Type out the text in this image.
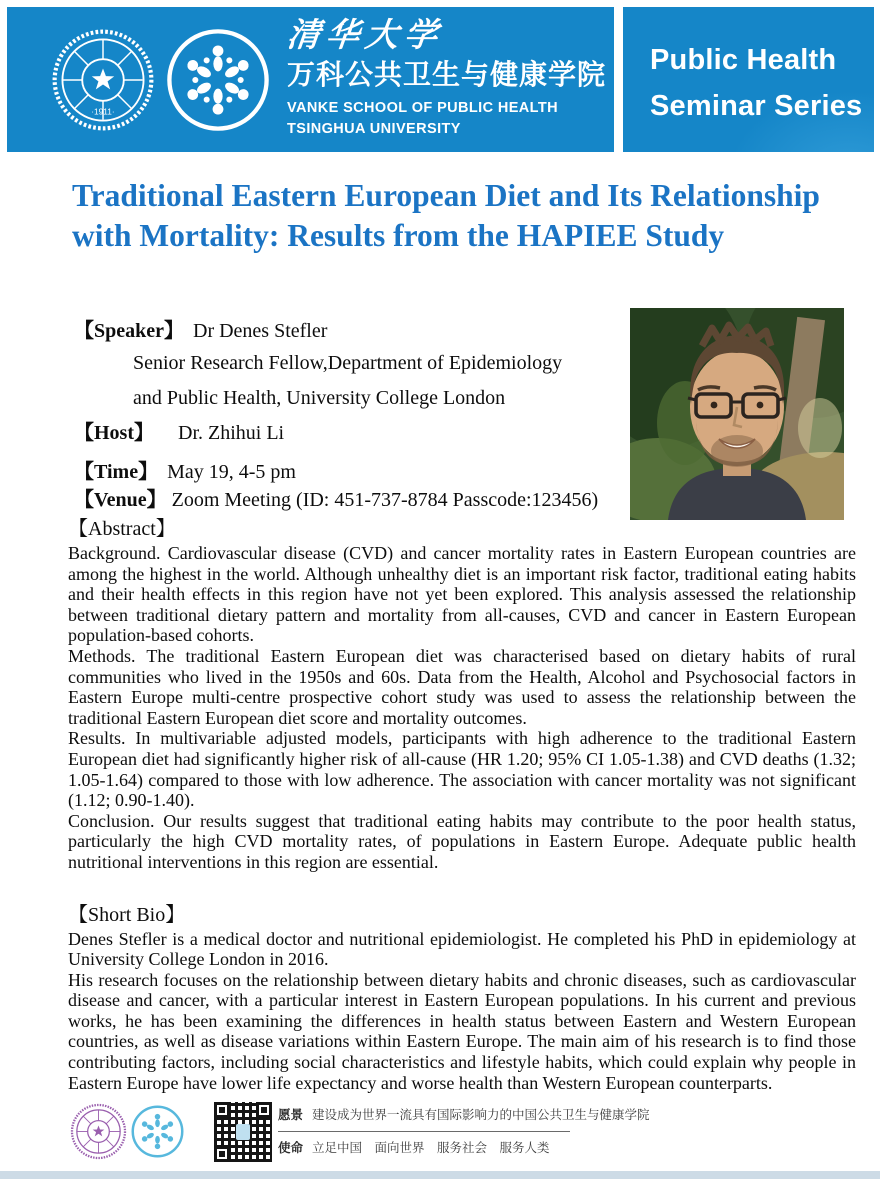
·1911·
清华大学
万科公共卫生与健康学院
VANKE SCHOOL OF PUBLIC HEALTH
TSINGHUA UNIVERSITY
Public Health
Seminar Series
Traditional Eastern European Diet and Its Relationship with Mortality: Results from the HAPIEE Study
【Speaker】 Dr Denes Stefler
Senior Research Fellow,Department of Epidemiology
and Public Health, University College London
【Host】 Dr. Zhihui Li
【Time】 May 19, 4-5 pm
【Venue】 Zoom Meeting (ID: 451-737-8784 Passcode:123456)
【Abstract】

Background. Cardiovascular disease (CVD) and cancer mortality rates in Eastern European countries are among the highest in the world. Although unhealthy diet is an important risk factor, traditional eating habits and their health effects in this region have not yet been explored. This analysis assessed the relationship between traditional dietary pattern and mortality from all-causes, CVD and cancer in Eastern European population-based cohorts.

Methods. The traditional Eastern European diet was characterised based on dietary habits of rural communities who lived in the 1950s and 60s. Data from the Health, Alcohol and Psychosocial factors in Eastern Europe multi-centre prospective cohort study was used to assess the relationship between the traditional Eastern European diet score and mortality outcomes.

Results. In multivariable adjusted models, participants with high adherence to the traditional Eastern European diet had significantly higher risk of all-cause (HR 1.20; 95% CI 1.05-1.38) and CVD deaths (1.32; 1.05-1.64) compared to those with low adherence. The association with cancer mortality was not significant (1.12; 0.90-1.40).

Conclusion. Our results suggest that traditional eating habits may contribute to the poor health status, particularly the high CVD mortality rates, of populations in Eastern Europe. Adequate public health nutritional interventions in this region are essential.

【Short Bio】

Denes Stefler is a medical doctor and nutritional epidemiologist. He completed his PhD in epidemiology at University College London in 2016.

His research focuses on the relationship between dietary habits and chronic diseases, such as cardiovascular disease and cancer, with a particular interest in Eastern European populations. In his current and previous works, he has been examining the differences in health status between Eastern and Western European countries, as well as disease variations within Eastern Europe. The main aim of his research is to find those contributing factors, including social characteristics and lifestyle habits, which could explain why people in Eastern Europe have lower life expectancy and worse health than Western European counterparts.

愿景 建设成为世界一流具有国际影响力的中国公共卫生与健康学院
使命 立足中国　面向世界　服务社会　服务人类
